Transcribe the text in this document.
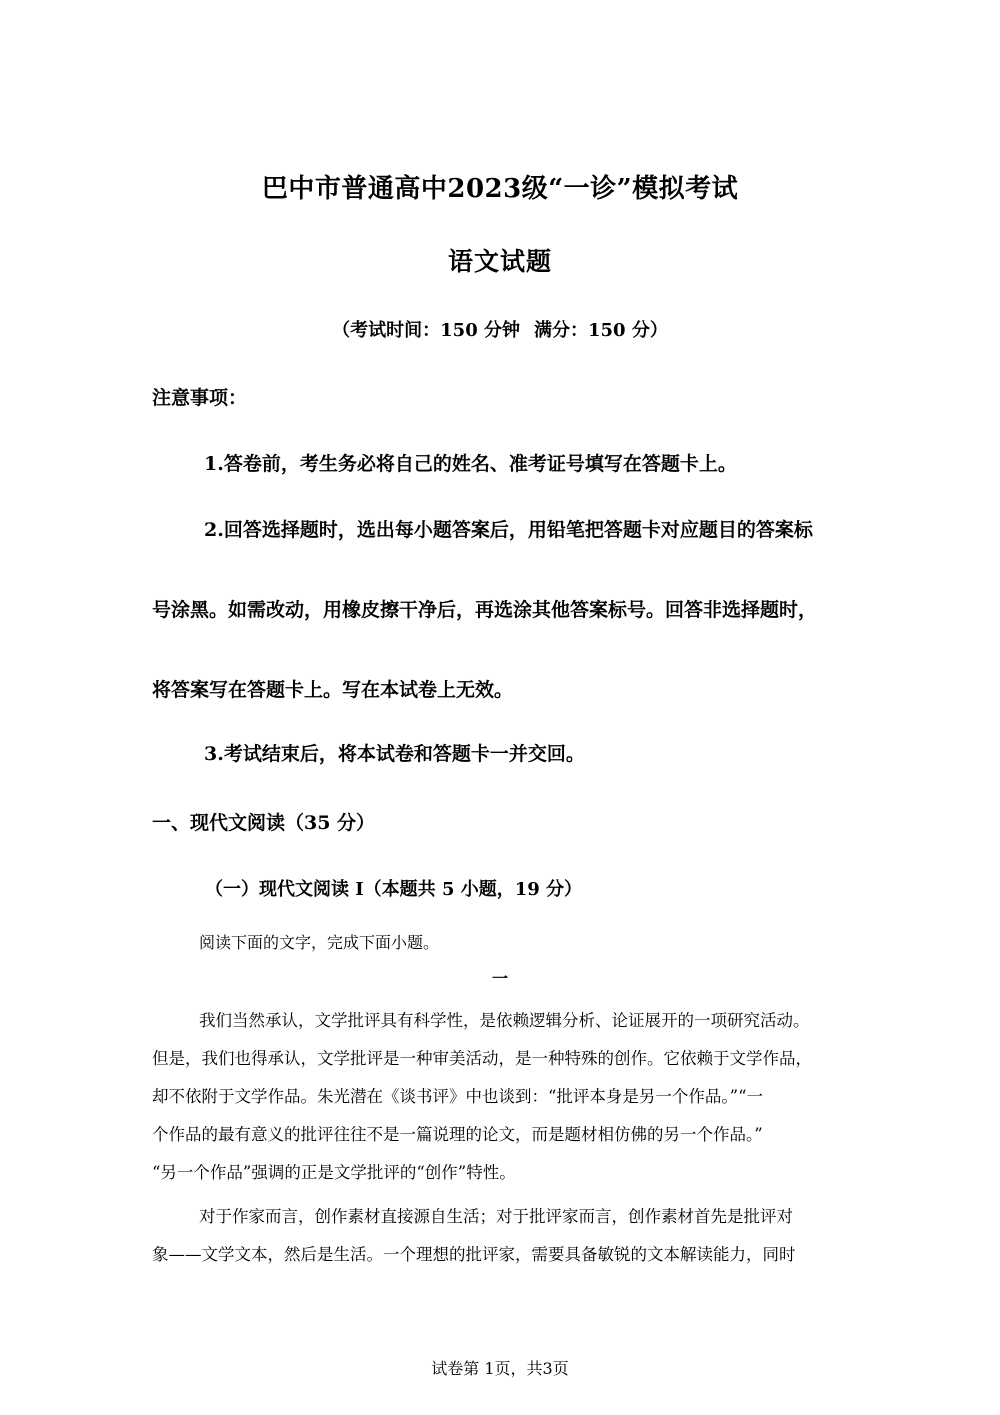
巴中市普通高中2023级“一诊”模拟考试
语文试题
（考试时间：150 分钟 满分：150 分）
注意事项：
1.答卷前，考生务必将自己的姓名、准考证号填写在答题卡上。
2.回答选择题时，选出每小题答案后，用铅笔把答题卡对应题目的答案标
号涂黑。如需改动，用橡皮擦干净后，再选涂其他答案标号。回答非选择题时，
将答案写在答题卡上。写在本试卷上无效。
3.考试结束后，将本试卷和答题卡一并交回。
一、现代文阅读（35 分）
（一）现代文阅读 I（本题共 5 小题，19 分）
阅读下面的文字，完成下面小题。
一
我们当然承认，文学批评具有科学性，是依赖逻辑分析、论证展开的一项研究活动。
但是，我们也得承认，文学批评是一种审美活动，是一种特殊的创作。它依赖于文学作品，
却不依附于文学作品。朱光潜在《谈书评》中也谈到：“批评本身是另一个作品。”“一
个作品的最有意义的批评往往不是一篇说理的论文，而是题材相仿佛的另一个作品。”
“另一个作品”强调的正是文学批评的“创作”特性。
对于作家而言，创作素材直接源自生活；对于批评家而言，创作素材首先是批评对
象——文学文本，然后是生活。一个理想的批评家，需要具备敏锐的文本解读能力，同时
试卷第 1页，共3页
